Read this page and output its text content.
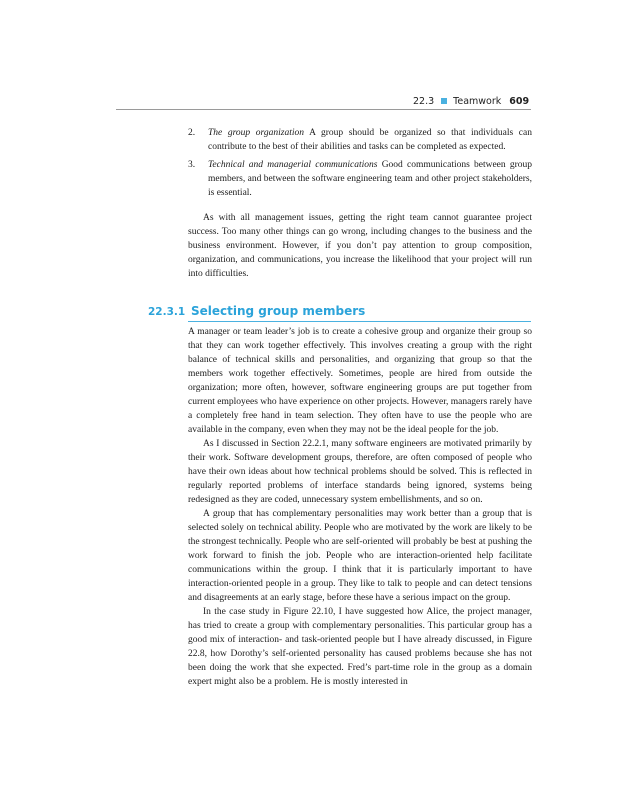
22.3 Teamwork 609
2. The group organization A group should be organized so that individuals can contribute to the best of their abilities and tasks can be completed as expected.
3. Technical and managerial communications Good communications between group members, and between the software engineering team and other project stakeholders, is essential.

As with all management issues, getting the right team cannot guarantee project success. Too many other things can go wrong, including changes to the business and the business environment. However, if you don’t pay attention to group composition, organization, and communications, you increase the likelihood that your project will run into difficulties.

22.3.1 Selecting group members

A manager or team leader’s job is to create a cohesive group and organize their group so that they can work together effectively. This involves creating a group with the right balance of technical skills and personalities, and organizing that group so that the members work together effectively. Sometimes, people are hired from outside the organization; more often, however, software engineering groups are put together from current employees who have experience on other projects. However, managers rarely have a completely free hand in team selection. They often have to use the people who are available in the company, even when they may not be the ideal people for the job.

As I discussed in Section 22.2.1, many software engineers are motivated primarily by their work. Software development groups, therefore, are often composed of people who have their own ideas about how technical problems should be solved. This is reflected in regularly reported problems of interface standards being ignored, systems being redesigned as they are coded, unnecessary system embellishments, and so on.

A group that has complementary personalities may work better than a group that is selected solely on technical ability. People who are motivated by the work are likely to be the strongest technically. People who are self-oriented will probably be best at pushing the work forward to finish the job. People who are interaction-oriented help facilitate communications within the group. I think that it is particularly important to have interaction-oriented people in a group. They like to talk to people and can detect tensions and disagreements at an early stage, before these have a serious impact on the group.

In the case study in Figure 22.10, I have suggested how Alice, the project manager, has tried to create a group with complementary personalities. This particular group has a good mix of interaction- and task-oriented people but I have already discussed, in Figure 22.8, how Dorothy’s self-oriented personality has caused problems because she has not been doing the work that she expected. Fred’s part-time role in the group as a domain expert might also be a problem. He is mostly interested in
